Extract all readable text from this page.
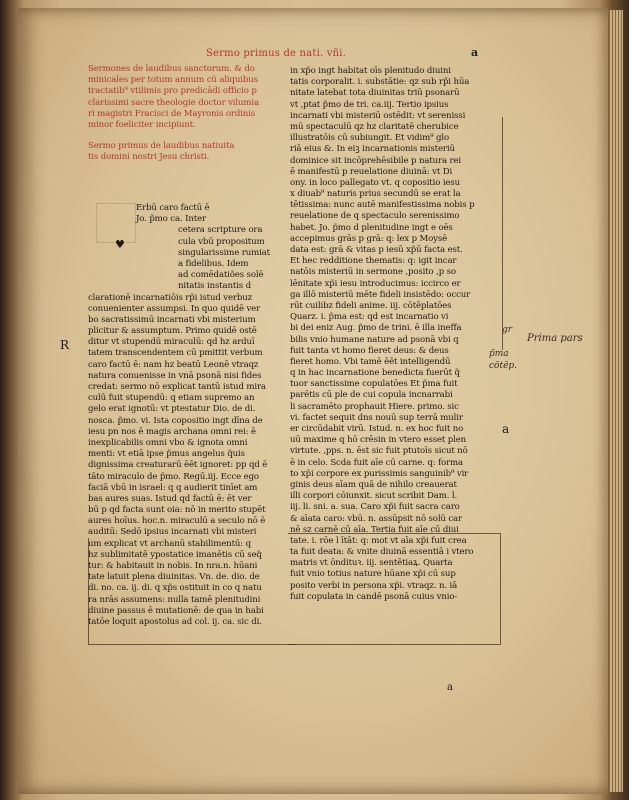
Sermo primus de nati. vñi.	a

Sermones de laudibus sanctorum. & do

minicales per totum annum cũ aliquibus

tractatib⁹ vtilimis pro predicādi officio p

clarissimi sacre theologie doctor vilumia

ri magistri Fracisci de Mayronis ordinis

minor foeliciter incipiunt.

Sermo primus de laudibus natiuita

tis domini nostri Jesu christi.

Erbū caro factū ē

Jo. p̃mo ca. Inter

cetera scripture ora

cula vbū propositum

singularissime rumiat

a fidelibus. Idem

ad comēdatiões solē

nitatis instantis d

clarationē incarnatiōis rp̃i istud verbuz

conuenienter assumpsi. In quo quidē ver

bo sacratissimū incarnati vbi misterium

plicitur & assumptum. Primo quidē ostē

ditur vt stupendū miraculū: qd hz arduī

tatem transcendentem cū pmittit verbum

caro factū ē: nam hz beatū Leonē vtraqz

natura conuenisse in vnā psonā nisi fides

credat: sermo nō explicat tantū istud mira

culū fuit stupendū: q etiam supremo an

gelo erat ignotū: vt ptestatur Dio. de di.

nosca. p̃mo. vi. Ista copositio ingt dīna de

iesu pn nos ē magis archana omni rei: ē

inexplicabilis omni vbo & ignota omni

menti: vt etiā ipse p̃mus angelus q̃uis

dignissima creaturarū ēēt ignoret: pp qd ē

tāto miraculo de p̃mo. Regū.iij. Ecce ego

faciā vbū in israel: q q audierit tinīet am

bas aures suas. Istud qd factū ē: ēt ver

bū p qd facta sunt oia: nō in merito stupēt

aures hoīus. hoc.n. miraculū a seculo nō ē

auditū: Sedō ipsius incarnati vbi misteri

um explicat vt archanū stabilimentū: q

hz sublimitatē ypostatice imanētis cū seq̃

tur: & habitauit in nobis. In nra.n. hūani

tate latuit plena diuinitas. Vn. de. dio. de

di. no. ca. ij. di. q xp̃s ostituit in co q natu

ra nrās assumens: nulla tamē plenitudini

diuine passus ē mutationē: de qua in habi

tatōe loquit apostolus ad col. ij. ca. sic di.

in xp̃o ingt habitat oīs plenitudo diuini

tatis corporalit. i. substātie: qz sub rp̃i hūa

nitate latebat tota diuinitas triū psonarū

vt ,ptat p̃mo de tri. ca.iij. Tertio ipsius

incarnati vbi misteriū ostēdit: vt serenissi

mū spectaculū qz hz claritatē cherubice

illustratōis cū subiungit. Et vidim⁹ glo

riā eius &. In eiꝫ incarnationis misteriū

dominice sit incōprehēsibile p natura rei

ē manifestū p reuelatione diuinā: vt Di

ony. in loco pallegato vt. q copositio iesu

x diuab⁹ naturis prius secundū se erat la

tētissima: nunc autē manifestissima nobis p

reuelatione de q spectaculo serenissimo

habet. Jo. p̃mo d plenitudine ingt e oēs

accepimus grās p grā: q: lex p Moysē

data est: grā & vitas p iesū xp̃ū facta est.

Et hec redditione thematis: q: igit incar

natōis misteriū in sermone ,posito ,p so

lēnitate xp̃i iesu introducimus: iccirco er

ga illō misteriū mēte fideli insistēdo: occur

rūt cuilibz fideli anime. iij. cōtēplatōes

Quarz. i. p̃ma est: qd est incarnatio vi

bi dei eniz Aug. p̃mo de trini. ē illa ineffa

bilis vnio humane nature ad psonā vbi q

fuit tanta vt homo fieret deus: & deus

fieret homo. Vbi tamē ēēt intelligendū

q in hac incarnatione benedicta fuerūt q̃

tuor sanctissime copulatōes Et p̃ma fuit

parētis cū ple de cui copula incnarrabi

li sacramēto prophauit Hiere. primo. sic

vi. factet sequit dns nouū sup terrā mulir

er circūdabit virū. Istud. n. ex hoc fuit no

uū maxime q hō crēsin in vtero esset plen

virtute. ,pps. n. ēst sic fuit ptutoīs sicut nō

ē in celo. Scd̃a fuit aīe cū carne. q: forma

to xp̃i corpore ex purissimis sanguinib⁹ vir

ginis deus aīam quā de nihilo creauerat

illi corpori cōiunxit. sicut scribit Dam. l.

iij. li. sni. a. sua. Caro xp̃i fuit sacra caro

& aīata caro: vbū. n. assūpsit nō solū car

nē sz carnē cū aīa. Tertia fuit aīe cū diui

tate. i. rōe l ītāt: q: mot vt aīa xp̃i fuit crea

ta fuit deata: & vnite diuinā essentiā i vtero

matris vt ōndituꝛ. iij. sentētiaꝝ. Quarta

fuit vnio totius nature hūane xp̃i cū sup

posito verbi in persona xp̃i. vtraqz. n. iā

fuit copulata in candē psonā cuius vnio-

♥
R
a
gr
Prima pars
p̃ma
cōtēp.
a
